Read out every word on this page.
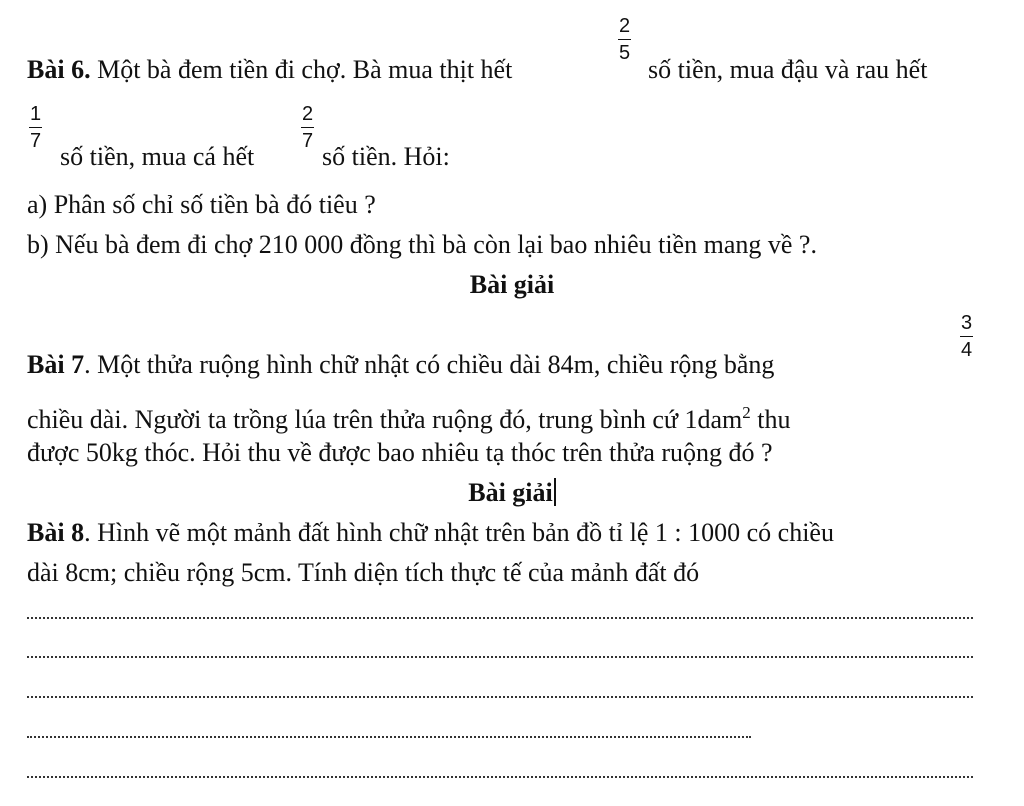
Bài 6. Một bà đem tiền đi chợ. Bà mua thịt hết
2
5
số tiền, mua đậu và rau hết
1
7
số tiền, mua cá hết
2
7
số tiền. Hỏi:
a) Phân số chỉ số tiền bà đó tiêu ?
b) Nếu bà đem đi chợ 210 000 đồng thì bà còn lại bao nhiêu tiền mang về ?.
Bài giải
Bài 7. Một thửa ruộng hình chữ nhật có chiều dài 84m, chiều rộng bằng
3
4
chiều dài. Người ta trồng lúa trên thửa ruộng đó, trung bình cứ 1dam$^2$ thu
được 50kg thóc. Hỏi thu về được bao nhiêu tạ thóc trên thửa ruộng đó ?
Bài giải
Bài 8. Hình vẽ một mảnh đất hình chữ nhật trên bản đồ tỉ lệ 1 : 1000 có chiều
dài 8cm; chiều rộng 5cm. Tính diện tích thực tế của mảnh đất đó
